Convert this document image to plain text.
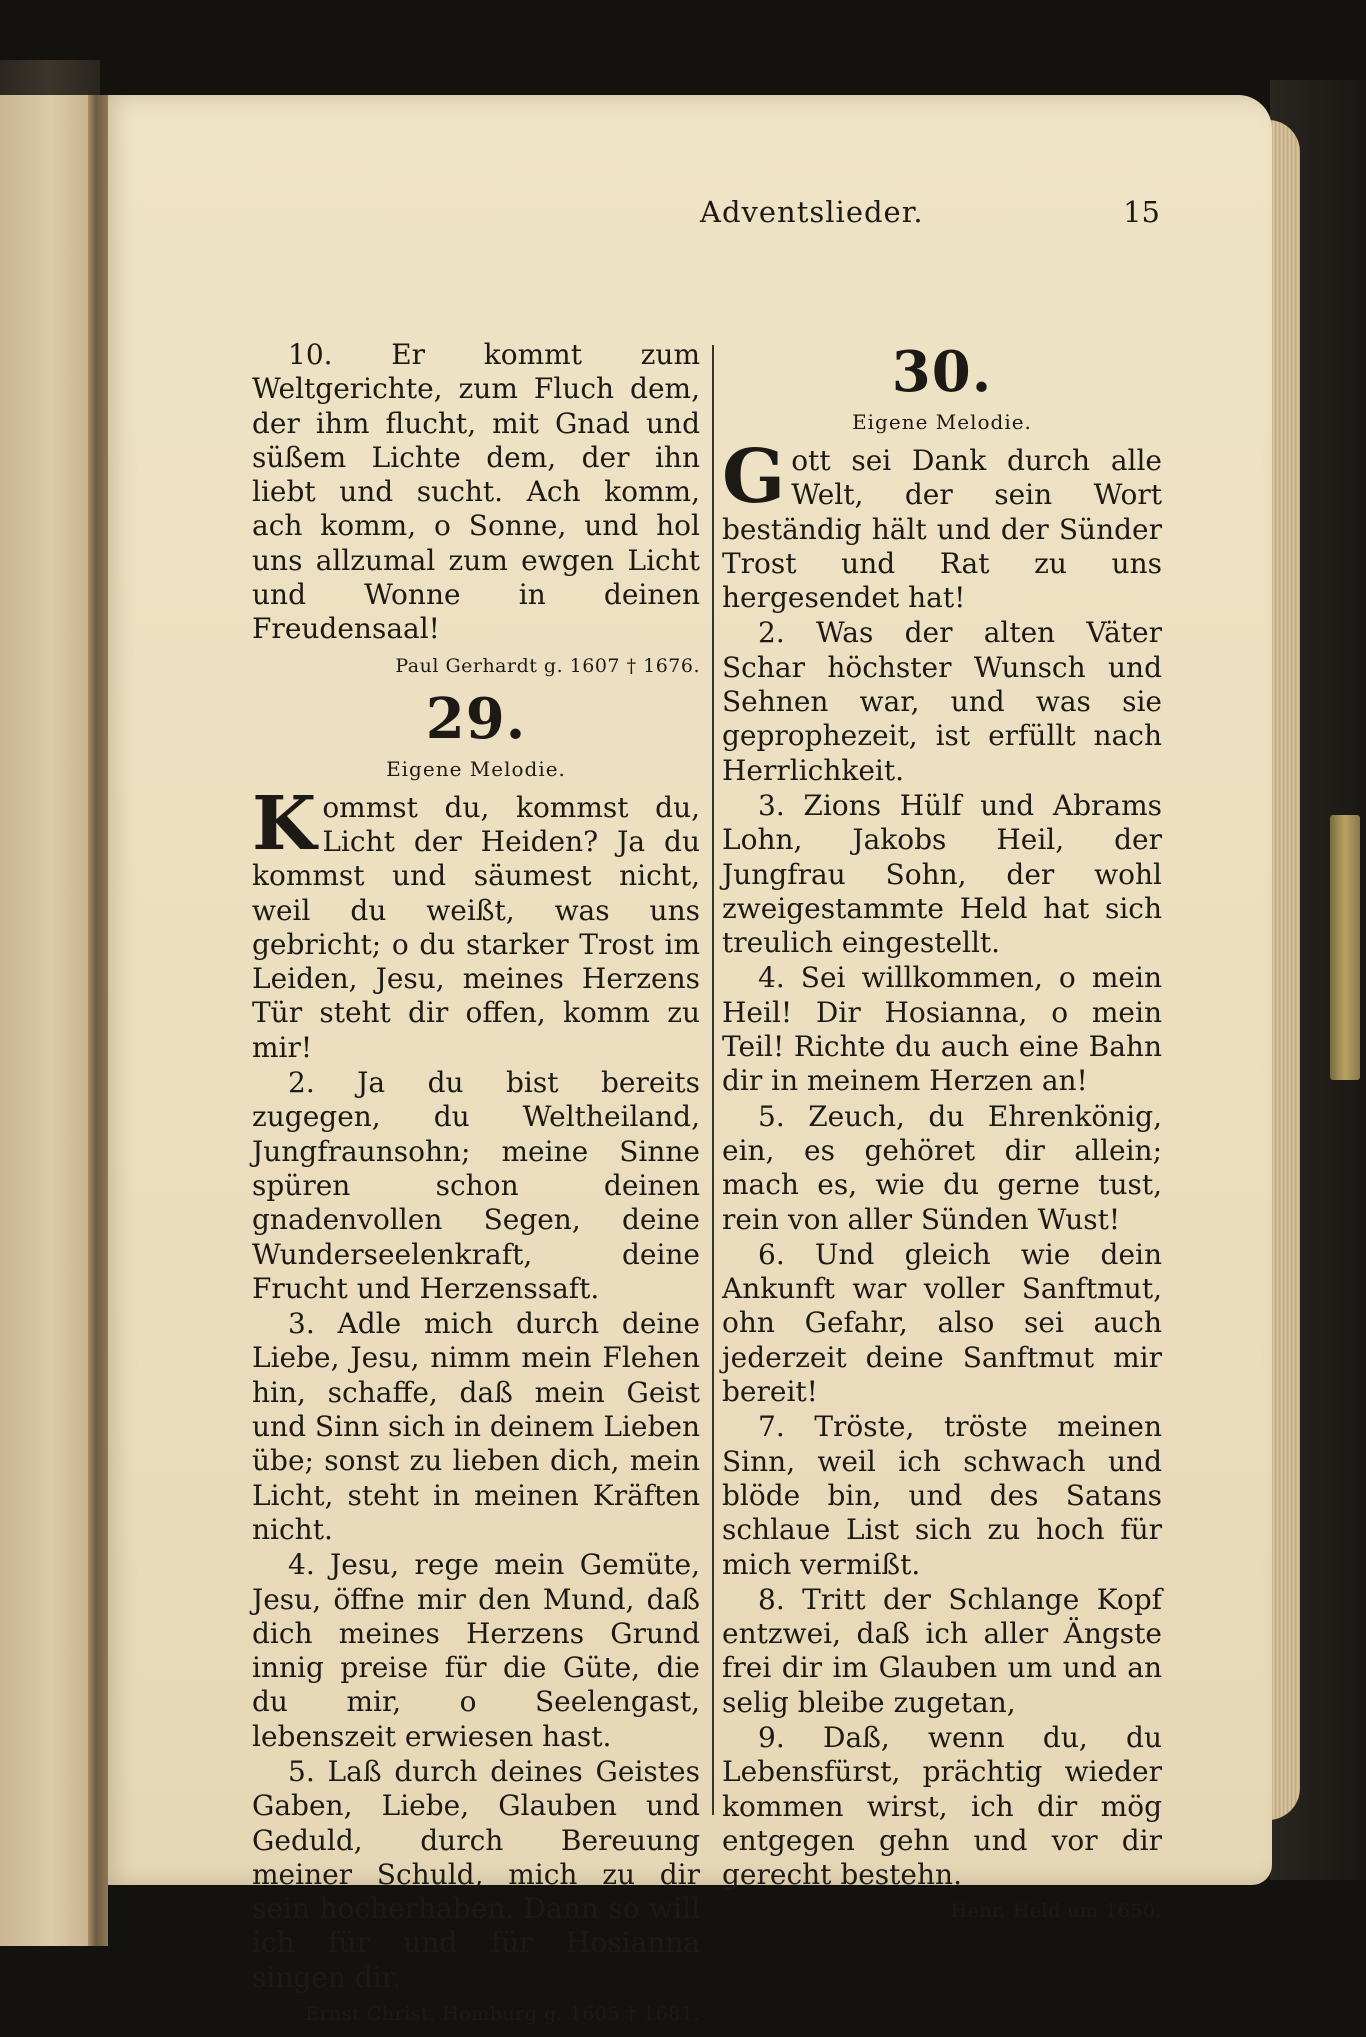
Adventslieder.	15

10. Er kommt zum Weltgerichte, zum Fluch dem, der ihm flucht, mit Gnad und süßem Lichte dem, der ihn liebt und sucht. Ach komm, ach komm, o Sonne, und hol uns allzumal zum ewgen Licht und Wonne in deinen Freudensaal!

Paul Gerhardt g. 1607 † 1676.
29.
Eigene Melodie.

Kommst du, kommst du, Licht der Heiden? Ja du kommst und säumest nicht, weil du weißt, was uns gebricht; o du starker Trost im Leiden, Jesu, meines Herzens Tür steht dir offen, komm zu mir!

2. Ja du bist bereits zugegen, du Weltheiland, Jungfraunsohn; meine Sinne spüren schon deinen gnadenvollen Segen, deine Wunderseelenkraft, deine Frucht und Herzenssaft.

3. Adle mich durch deine Liebe, Jesu, nimm mein Flehen hin, schaffe, daß mein Geist und Sinn sich in deinem Lieben übe; sonst zu lieben dich, mein Licht, steht in meinen Kräften nicht.

4. Jesu, rege mein Gemüte, Jesu, öffne mir den Mund, daß dich meines Herzens Grund innig preise für die Güte, die du mir, o Seelengast, lebenszeit erwiesen hast.

5. Laß durch deines Geistes Gaben, Liebe, Glauben und Geduld, durch Bereuung meiner Schuld, mich zu dir sein hocherhaben. Dann so will ich für und für Hosianna singen dir.

Ernst Christ. Homburg g. 1605 † 1681.
30.
Eigene Melodie.

Gott sei Dank durch alle Welt, der sein Wort beständig hält und der Sünder Trost und Rat zu uns hergesendet hat!

2. Was der alten Väter Schar höchster Wunsch und Sehnen war, und was sie geprophezeit, ist erfüllt nach Herrlichkeit.

3. Zions Hülf und Abrams Lohn, Jakobs Heil, der Jungfrau Sohn, der wohl zweigestammte Held hat sich treulich eingestellt.

4. Sei willkommen, o mein Heil! Dir Hosianna, o mein Teil! Richte du auch eine Bahn dir in meinem Herzen an!

5. Zeuch, du Ehrenkönig, ein, es gehöret dir allein; mach es, wie du gerne tust, rein von aller Sünden Wust!

6. Und gleich wie dein Ankunft war voller Sanftmut, ohn Gefahr, also sei auch jederzeit deine Sanftmut mir bereit!

7. Tröste, tröste meinen Sinn, weil ich schwach und blöde bin, und des Satans schlaue List sich zu hoch für mich vermißt.

8. Tritt der Schlange Kopf entzwei, daß ich aller Ängste frei dir im Glauben um und an selig bleibe zugetan,

9. Daß, wenn du, du Lebensfürst, prächtig wieder kommen wirst, ich dir mög entgegen gehn und vor dir gerecht bestehn.

Henr. Held um 1650.
